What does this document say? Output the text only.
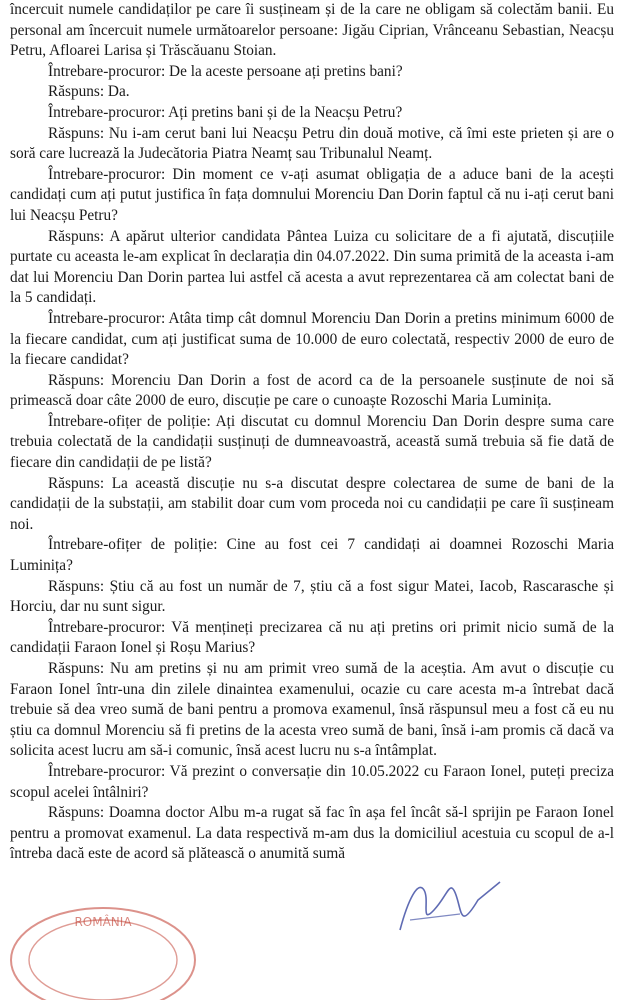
încercuit numele candidaților pe care îi susțineam și de la care ne obligam să colectăm banii. Eu personal am încercuit numele următoarelor persoane: Jigău Ciprian, Vrânceanu Sebastian, Neacșu Petru, Afloarei Larisa și Trăscăuanu Stoian.

Întrebare-procuror: De la aceste persoane ați pretins bani?

Răspuns: Da.

Întrebare-procuror: Ați pretins bani și de la Neacșu Petru?

Răspuns: Nu i-am cerut bani lui Neacșu Petru din două motive, că îmi este prieten și are o soră care lucrează la Judecătoria Piatra Neamț sau Tribunalul Neamț.

Întrebare-procuror: Din moment ce v-ați asumat obligația de a aduce bani de la acești candidați cum ați putut justifica în fața domnului Morenciu Dan Dorin faptul că nu i-ați cerut bani lui Neacșu Petru?

Răspuns: A apărut ulterior candidata Pântea Luiza cu solicitare de a fi ajutată, discuțiile purtate cu aceasta le-am explicat în declarația din 04.07.2022. Din suma primită de la aceasta i-am dat lui Morenciu Dan Dorin partea lui astfel că acesta a avut reprezentarea că am colectat bani de la 5 candidați.

Întrebare-procuror: Atâta timp cât domnul Morenciu Dan Dorin a pretins minimum 6000 de la fiecare candidat, cum ați justificat suma de 10.000 de euro colectată, respectiv 2000 de euro de la fiecare candidat?

Răspuns: Morenciu Dan Dorin a fost de acord ca de la persoanele susținute de noi să primească doar câte 2000 de euro, discuție pe care o cunoaște Rozoschi Maria Luminița.

Întrebare-ofițer de poliție: Ați discutat cu domnul Morenciu Dan Dorin despre suma care trebuia colectată de la candidații susținuți de dumneavoastră, această sumă trebuia să fie dată de fiecare din candidații de pe listă?

Răspuns: La această discuție nu s-a discutat despre colectarea de sume de bani de la candidații de la substații, am stabilit doar cum vom proceda noi cu candidații pe care îi susțineam noi.

Întrebare-ofițer de poliție: Cine au fost cei 7 candidați ai doamnei Rozoschi Maria Luminița?

Răspuns: Știu că au fost un număr de 7, știu că a fost sigur Matei, Iacob, Rascarasche și Horciu, dar nu sunt sigur.

Întrebare-procuror: Vă mențineți precizarea că nu ați pretins ori primit nicio sumă de la candidații Faraon Ionel și Roșu Marius?

Răspuns: Nu am pretins și nu am primit vreo sumă de la aceștia. Am avut o discuție cu Faraon Ionel într-una din zilele dinaintea examenului, ocazie cu care acesta m-a întrebat dacă trebuie să dea vreo sumă de bani pentru a promova examenul, însă răspunsul meu a fost că eu nu știu ca domnul Morenciu să fi pretins de la acesta vreo sumă de bani, însă i-am promis că dacă va solicita acest lucru am să-i comunic, însă acest lucru nu s-a întâmplat.

Întrebare-procuror: Vă prezint o conversație din 10.05.2022 cu Faraon Ionel, puteți preciza scopul acelei întâlniri?

Răspuns: Doamna doctor Albu m-a rugat să fac în așa fel încât să-l sprijin pe Faraon Ionel pentru a promovat examenul. La data respectivă m-am dus la domiciliul acestuia cu scopul de a-l întreba dacă este de acord să plătească o anumită sumă

ROMÂNIA
